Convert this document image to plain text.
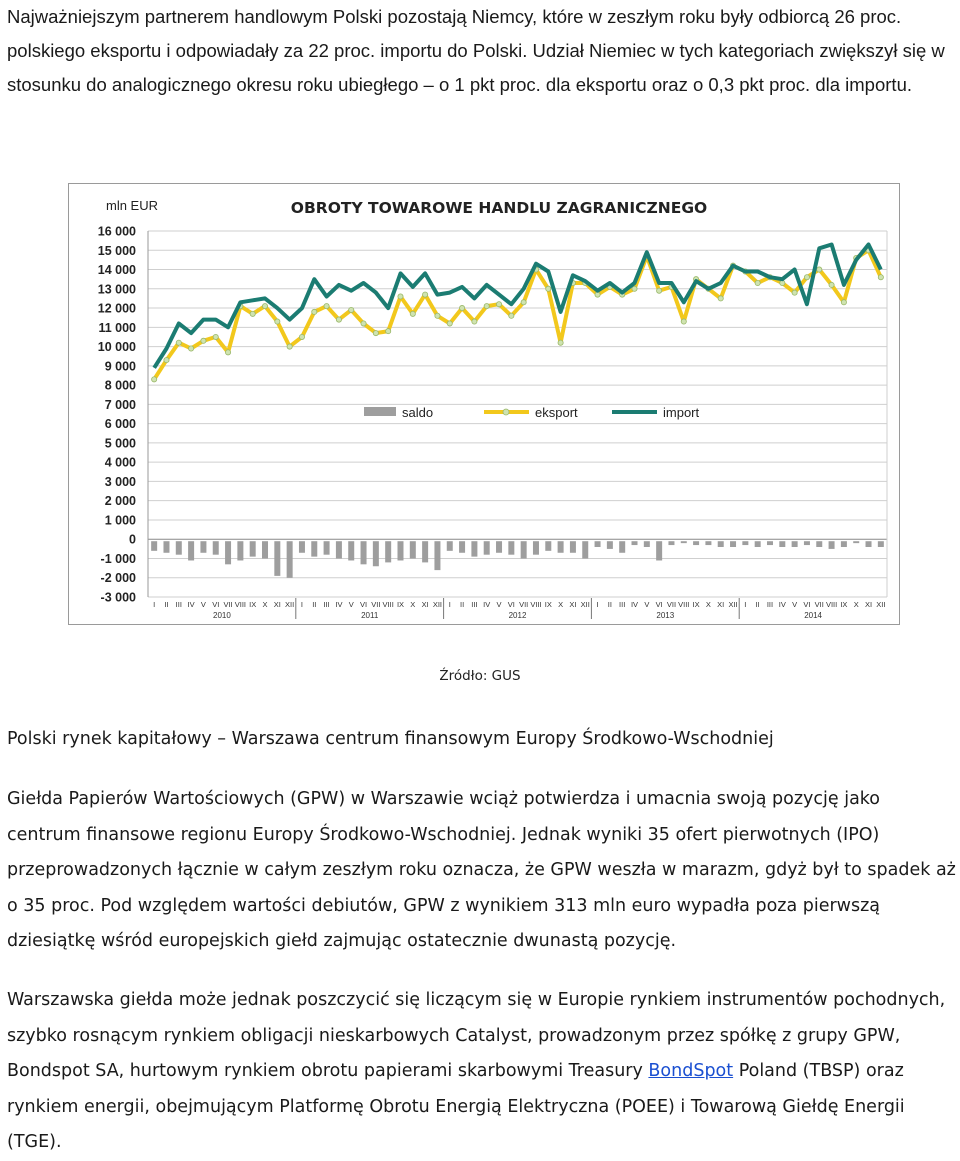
Najważniejszym partnerem handlowym Polski pozostają Niemcy, które w zeszłym roku były odbiorcą 26 proc. polskiego eksportu i odpowiadały za 22 proc. importu do Polski. Udział Niemiec w tych kategoriach zwiększył się w stosunku do analogicznego okresu roku ubiegłego – o 1 pkt proc. dla eksportu oraz o 0,3 pkt proc. dla importu.

OBROTY TOWAROWE HANDLU ZAGRANICZNEGO
mln EUR
16 000
15 000
14 000
13 000
12 000
11 000
10 000
9 000
8 000
7 000
6 000
5 000
4 000
3 000
2 000
1 000
0
-1 000
-2 000
-3 000 I II III IV V VI VII VIII IX X XI XII I II III IV V VI VII VIII IX X XI XII I II III IV V VI VII VIII IX X XI XII I II III IV V VI VII VIII IX X XI XII I II III IV V VI VII VIII IX X XI XII
2010	2011	2012	2013	2014
saldo	eksport	import
Źródło: GUS
Polski rynek kapitałowy – Warszawa centrum finansowym Europy Środkowo-Wschodniej

Giełda Papierów Wartościowych (GPW) w Warszawie wciąż potwierdza i umacnia swoją pozycję jako centrum finansowe regionu Europy Środkowo-Wschodniej. Jednak wyniki 35 ofert pierwotnych (IPO) przeprowadzonych łącznie w całym zeszłym roku oznacza, że GPW weszła w marazm, gdyż był to spadek aż o 35 proc. Pod względem wartości debiutów, GPW z wynikiem 313 mln euro wypadła poza pierwszą dziesiątkę wśród europejskich giełd zajmując ostatecznie dwunastą pozycję.

Warszawska giełda może jednak poszczycić się liczącym się w Europie rynkiem instrumentów pochodnych, szybko rosnącym rynkiem obligacji nieskarbowych Catalyst, prowadzonym przez spółkę z grupy GPW, Bondspot SA, hurtowym rynkiem obrotu papierami skarbowymi Treasury BondSpot Poland (TBSP) oraz rynkiem energii, obejmującym Platformę Obrotu Energią Elektryczna (POEE) i Towarową Giełdę Energii (TGE).
